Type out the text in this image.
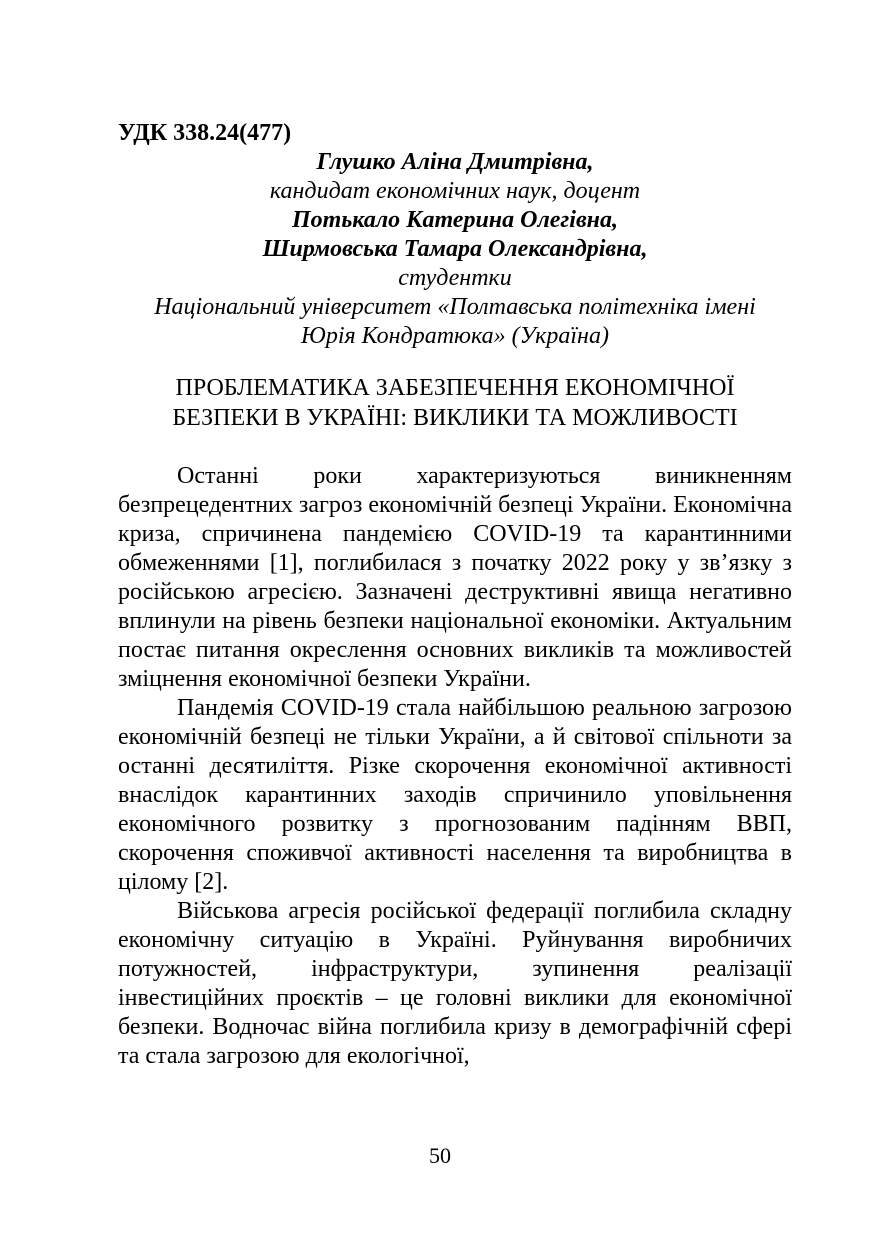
УДК 338.24(477)
Глушко Аліна Дмитрівна,
кандидат економічних наук, доцент
Потькало Катерина Олегівна,
Ширмовська Тамара Олександрівна,
студентки
Національний університет «Полтавська політехніка імені
Юрія Кондратюка» (Україна)
ПРОБЛЕМАТИКА ЗАБЕЗПЕЧЕННЯ ЕКОНОМІЧНОЇ
БЕЗПЕКИ В УКРАЇНІ: ВИКЛИКИ ТА МОЖЛИВОСТІ

Останні роки характеризуються виникненням безпрецедентних загроз економічній безпеці України. Економічна криза, спричинена пандемією COVID-19 та карантинними обмеженнями [1], поглибилася з початку 2022 року у зв’язку з російською агресією. Зазначені деструктивні явища негативно вплинули на рівень безпеки національної економіки. Актуальним постає питання окреслення основних викликів та можливостей зміцнення економічної безпеки України.

Пандемія COVID-19 стала найбільшою реальною загрозою економічній безпеці не тільки України, а й світової спільноти за останні десятиліття. Різке скорочення економічної активності внаслідок карантинних заходів спричинило уповільнення економічного розвитку з прогнозованим падінням ВВП, скорочення споживчої активності населення та виробництва в цілому [2].

Військова агресія російської федерації поглибила складну економічну ситуацію в Україні. Руйнування виробничих потужностей, інфраструктури, зупинення реалізації інвестиційних проєктів – це головні виклики для економічної безпеки. Водночас війна поглибила кризу в демографічній сфері та стала загрозою для екологічної,

50
